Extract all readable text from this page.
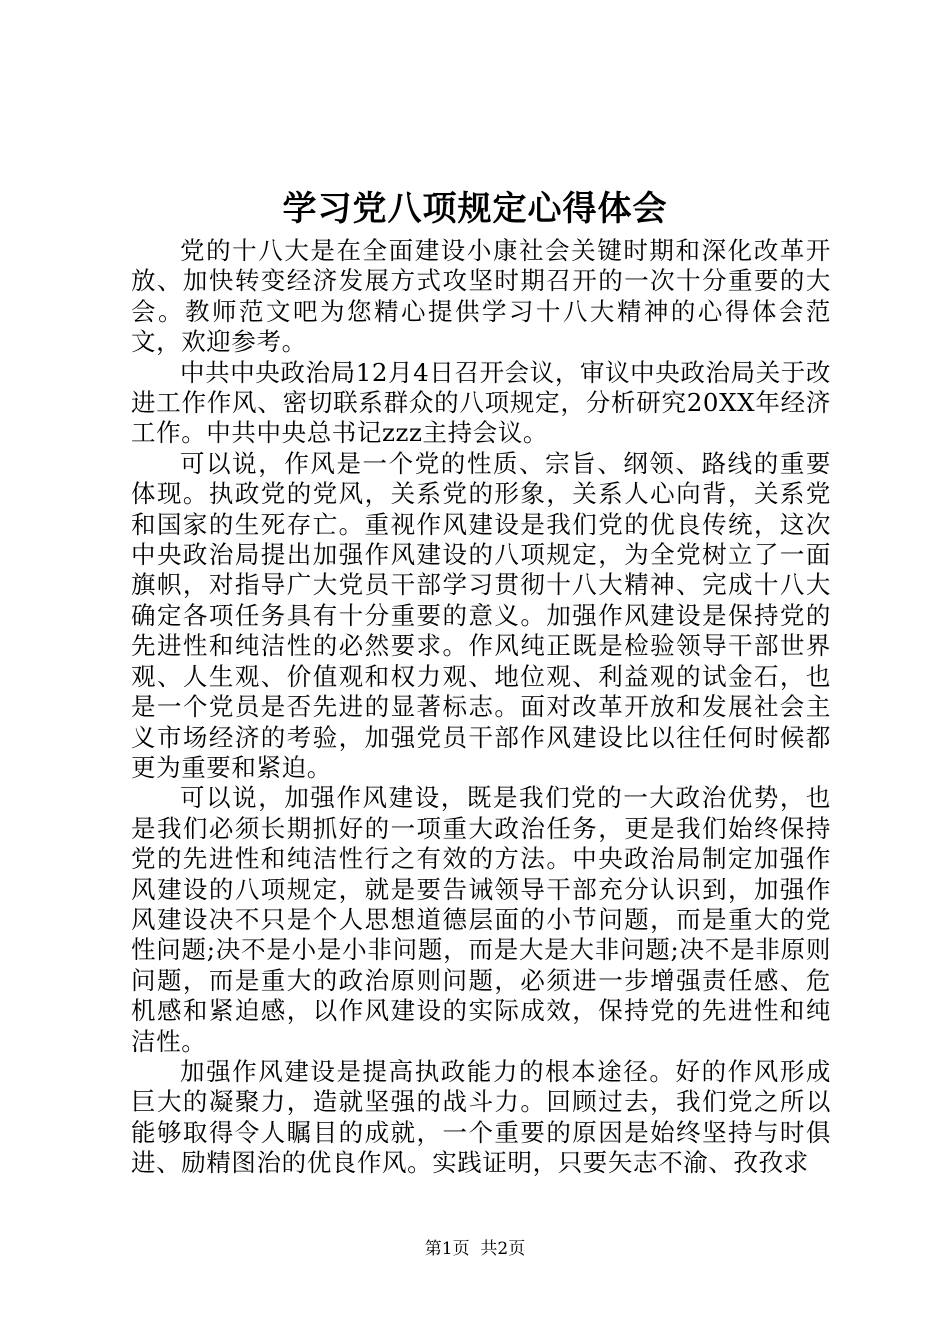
学习党八项规定心得体会

党的十八大是在全面建设小康社会关键时期和深化改革开放、加快转变经济发展方式攻坚时期召开的一次十分重要的大会。教师范文吧为您精心提供学习十八大精神的心得体会范文，欢迎参考。

中共中央政治局12月4日召开会议，审议中央政治局关于改进工作作风、密切联系群众的八项规定，分析研究20XX年经济工作。中共中央总书记zzz主持会议。

可以说，作风是一个党的性质、宗旨、纲领、路线的重要体现。执政党的党风，关系党的形象，关系人心向背，关系党和国家的生死存亡。重视作风建设是我们党的优良传统，这次中央政治局提出加强作风建设的八项规定，为全党树立了一面旗帜，对指导广大党员干部学习贯彻十八大精神、完成十八大确定各项任务具有十分重要的意义。加强作风建设是保持党的先进性和纯洁性的必然要求。作风纯正既是检验领导干部世界观、人生观、价值观和权力观、地位观、利益观的试金石，也是一个党员是否先进的显著标志。面对改革开放和发展社会主义市场经济的考验，加强党员干部作风建设比以往任何时候都更为重要和紧迫。

可以说，加强作风建设，既是我们党的一大政治优势，也是我们必须长期抓好的一项重大政治任务，更是我们始终保持党的先进性和纯洁性行之有效的方法。中央政治局制定加强作风建设的八项规定，就是要告诫领导干部充分认识到，加强作风建设决不只是个人思想道德层面的小节问题，而是重大的党性问题;决不是小是小非问题，而是大是大非问题;决不是非原则问题，而是重大的政治原则问题，必须进一步增强责任感、危机感和紧迫感，以作风建设的实际成效，保持党的先进性和纯洁性。

加强作风建设是提高执政能力的根本途径。好的作风形成巨大的凝聚力，造就坚强的战斗力。回顾过去，我们党之所以能够取得令人瞩目的成就，一个重要的原因是始终坚持与时俱进、励精图治的优良作风。实践证明，只要矢志不渝、孜孜求

第1页 共2页
